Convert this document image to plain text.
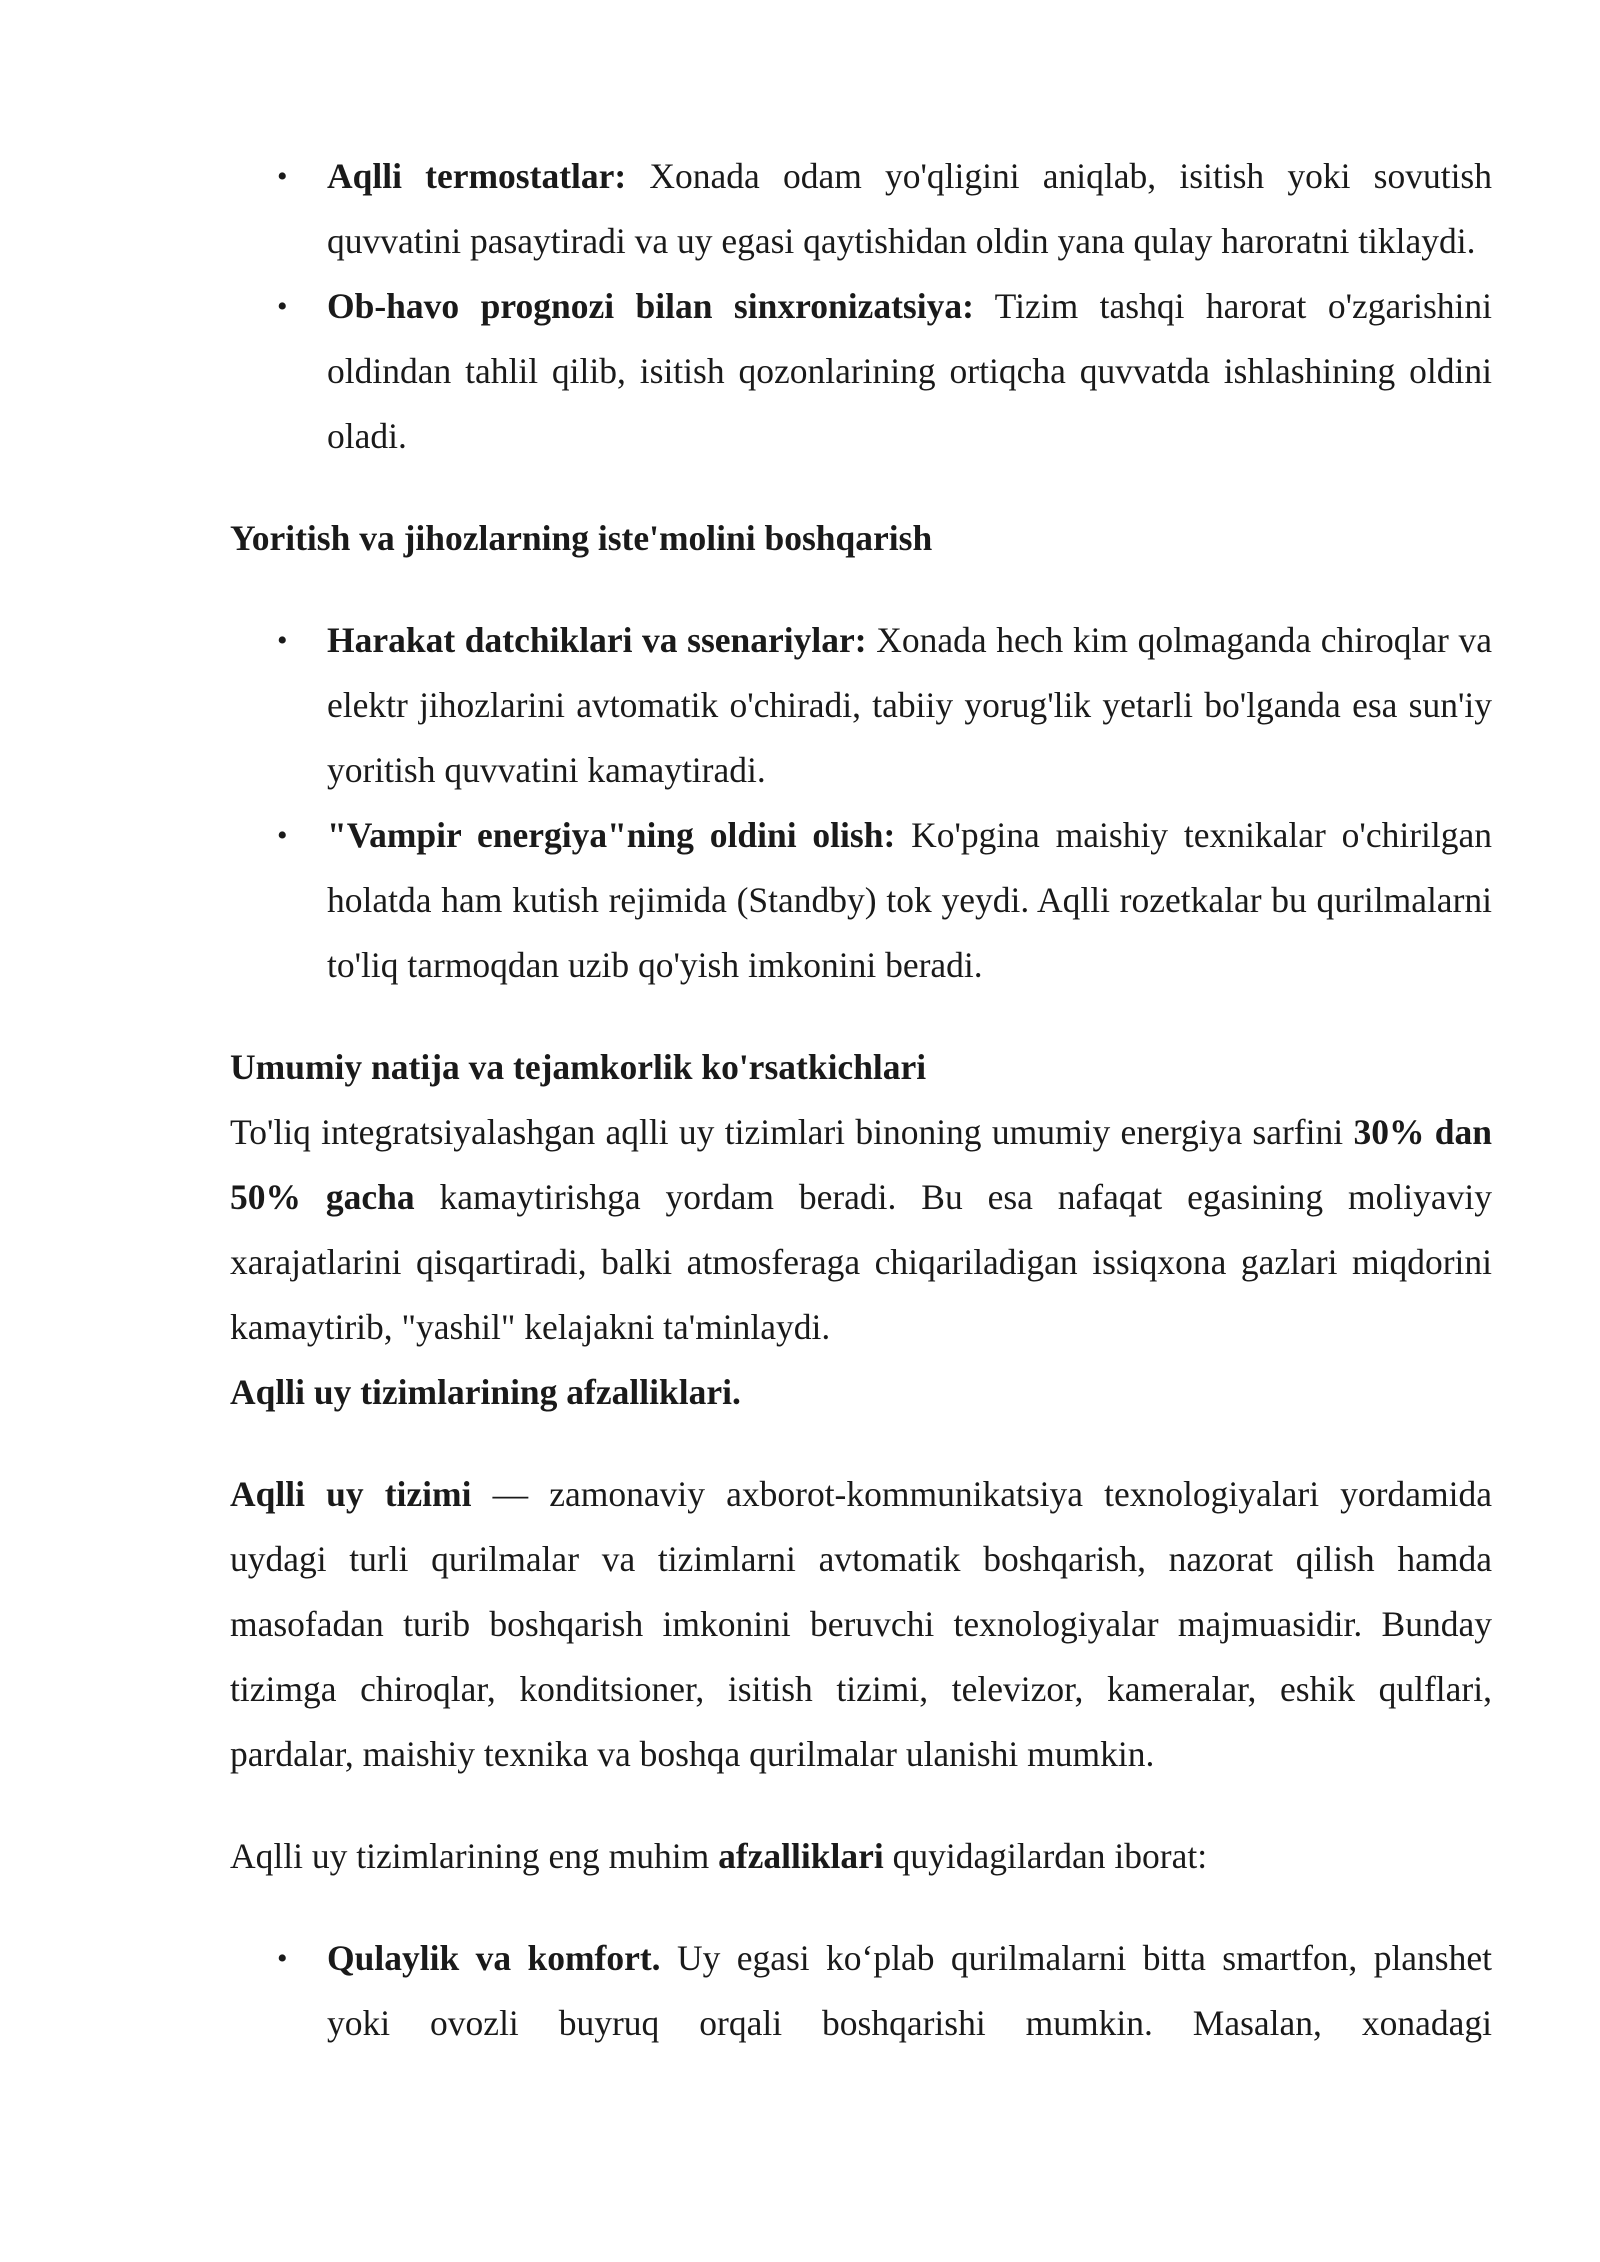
• Aqlli termostatlar: Xonada odam yo'qligini aniqlab, isitish yoki sovutish quvvatini pasaytiradi va uy egasi qaytishidan oldin yana qulay haroratni tiklaydi.
• Ob-havo prognozi bilan sinxronizatsiya: Tizim tashqi harorat o'zgarishini oldindan tahlil qilib, isitish qozonlarining ortiqcha quvvatda ishlashining oldini oladi.

Yoritish va jihozlarning iste'molini boshqarish

• Harakat datchiklari va ssenariylar: Xonada hech kim qolmaganda chiroqlar va elektr jihozlarini avtomatik o'chiradi, tabiiy yorug'lik yetarli bo'lganda esa sun'iy yoritish quvvatini kamaytiradi.
• "Vampir energiya"ning oldini olish: Ko'pgina maishiy texnikalar o'chirilgan holatda ham kutish rejimida (Standby) tok yeydi. Aqlli rozetkalar bu qurilmalarni to'liq tarmoqdan uzib qo'yish imkonini beradi.

Umumiy natija va tejamkorlik ko'rsatkichlari

To'liq integratsiyalashgan aqlli uy tizimlari binoning umumiy energiya sarfini 30% dan 50% gacha kamaytirishga yordam beradi. Bu esa nafaqat egasining moliyaviy xarajatlarini qisqartiradi, balki atmosferaga chiqariladigan issiqxona gazlari miqdorini kamaytirib, "yashil" kelajakni ta'minlaydi.

Aqlli uy tizimlarining afzalliklari.

Aqlli uy tizimi — zamonaviy axborot-kommunikatsiya texnologiyalari yordamida uydagi turli qurilmalar va tizimlarni avtomatik boshqarish, nazorat qilish hamda masofadan turib boshqarish imkonini beruvchi texnologiyalar majmuasidir. Bunday tizimga chiroqlar, konditsioner, isitish tizimi, televizor, kameralar, eshik qulflari, pardalar, maishiy texnika va boshqa qurilmalar ulanishi mumkin.

Aqlli uy tizimlarining eng muhim afzalliklari quyidagilardan iborat:

• Qulaylik va komfort. Uy egasi ko‘plab qurilmalarni bitta smartfon, planshet yoki ovozli buyruq orqali boshqarishi mumkin. Masalan, xonadagi
